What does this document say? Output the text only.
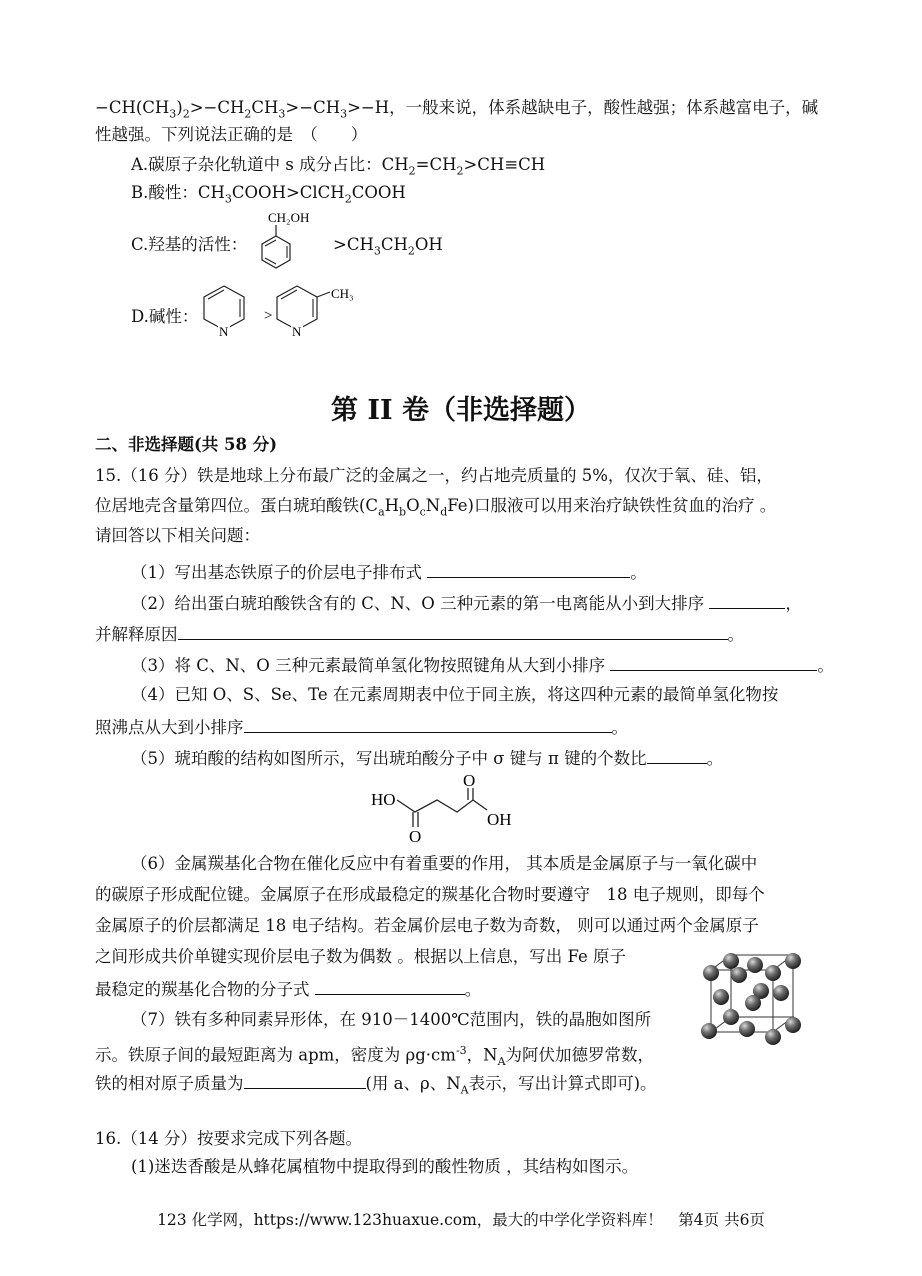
$-CH(CH_3)_2>-CH_2CH_3>-CH_3>-H$，一般来说，体系越缺电子，酸性越强；体系越富电子，碱
性越强。下列说法正确的是　（　　）
A.碳原子杂化轨道中 s 成分占比：$CH_2=CH_2>CH\equiv CH$
B.酸性：$CH_3COOH>ClCH_2COOH$
C.羟基的活性：
CH₂OH
$>CH_3CH_2OH$
D.碱性：
N
>
N
CH₃
第 II 卷（非选择题）
二、非选择题(共 58 分)
15.（16 分）铁是地球上分布最广泛的金属之一，约占地壳质量的 5%，仅次于氧、硅、铝，
位居地壳含量第四位。蛋白琥珀酸铁$(C_aH_bO_cN_dFe)$口服液可以用来治疗缺铁性贫血的治疗 。
请回答以下相关问题：
（1）写出基态铁原子的价层电子排布式	。
（2）给出蛋白琥珀酸铁含有的 C、N、O 三种元素的第一电离能从小到大排序	，
并解释原因	。
（3）将 C、N、O 三种元素最简单氢化物按照键角从大到小排序	。
（4）已知 O、S、Se、Te 在元素周期表中位于同主族，将这四种元素的最简单氢化物按
照沸点从大到小排序	。
（5）琥珀酸的结构如图所示，写出琥珀酸分子中 σ 键与 π 键的个数比	。
HO
O
O
OH
（6）金属羰基化合物在催化反应中有着重要的作用， 其本质是金属原子与一氧化碳中
的碳原子形成配位键。金属原子在形成最稳定的羰基化合物时要遵守　18 电子规则，即每个
金属原子的价层都满足 18 电子结构。若金属价层电子数为奇数， 则可以通过两个金属原子
之间形成共价单键实现价层电子数为偶数 。根据以上信息，写出 Fe 原子
最稳定的羰基化合物的分子式	。
（7）铁有多种同素异形体，在 910－1400℃范围内，铁的晶胞如图所
示。铁原子间的最短距离为 apm，密度为 $\rho g\cdot cm^{-3}$，$N_A$为阿伏加德罗常数，
铁的相对原子质量为	(用 a、ρ、$N_A$表示，写出计算式即可)。
16.（14 分）按要求完成下列各题。
(1)迷迭香酸是从蜂花属植物中提取得到的酸性物质 ，其结构如图示。
123 化学网，https://www.123huaxue.com，最大的中学化学资料库！　第4页 共6页
